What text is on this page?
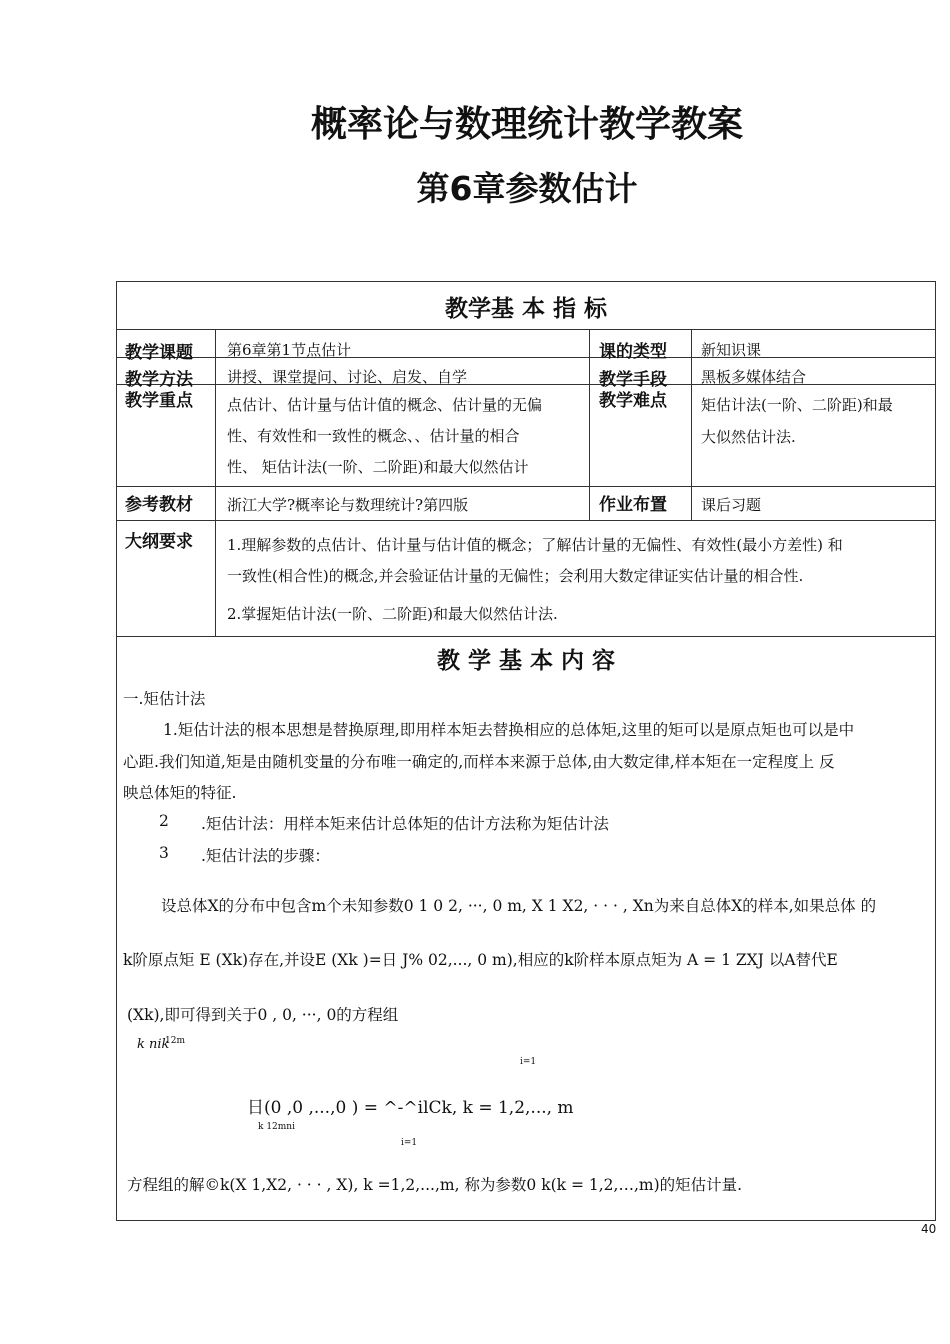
概率论与数理统计教学教案
第6章参数估计
教学基 本 指 标
教学课题 第6章第1节点估计	课的类型 新知识课
教学方法 讲授、课堂提问、讨论、启发、自学	教学手段 黑板多媒体结合
教学重点 点估计、估计量与估计值的概念、估计量的无偏
性、有效性和一致性的概念、、估计量的相合
性、 矩估计法(一阶、二阶距)和最大似然估计
教学难点 矩估计法(一阶、二阶距)和最
大似然估计法.
参考教材 浙江大学?概率论与数理统计?第四版	作业布置 课后习题
大纲要求 1.理解参数的点估计、估计量与估计值的概念；了解估计量的无偏性、有效性(最小方差性) 和
一致性(相合性)的概念,并会验证估计量的无偏性；会利用大数定律证实估计量的相合性.
2.掌握矩估计法(一阶、二阶距)和最大似然估计法.
教 学 基 本 内 容
一.矩估计法
1.矩估计法的根本思想是替换原理,即用样本矩去替换相应的总体矩,这里的矩可以是原点矩也可以是中
心距.我们知道,矩是由随机变量的分布唯一确定的,而样本来源于总体,由大数定律,样本矩在一定程度上 反
映总体矩的特征.
2 .矩估计法：用样本矩来估计总体矩的估计方法称为矩估计法
3 .矩估计法的步骤：
设总体X的分布中包含m个未知参数0 1 0 2, ···, 0 m, X 1 X2, · · · , Xn为来自总体X的样本,如果总体 的
k阶原点矩 E (Xk)存在,并设E (Xk )=日 J% 02,..., 0 m),相应的k阶样本原点矩为 A = 1 ZXJ 以A替代E
(Xk),即可得到关于0 , 0, ···, 0的方程组
k nik
12m
i=1
日(0 ,0 ,...,0 ) = ^-^ilCk, k = 1,2,..., m
k 12mni
i=1
方程组的解©k(X 1,X2, · · · , X), k =1,2,...,m, 称为参数0 k(k = 1,2,…,m)的矩估计量.
40
